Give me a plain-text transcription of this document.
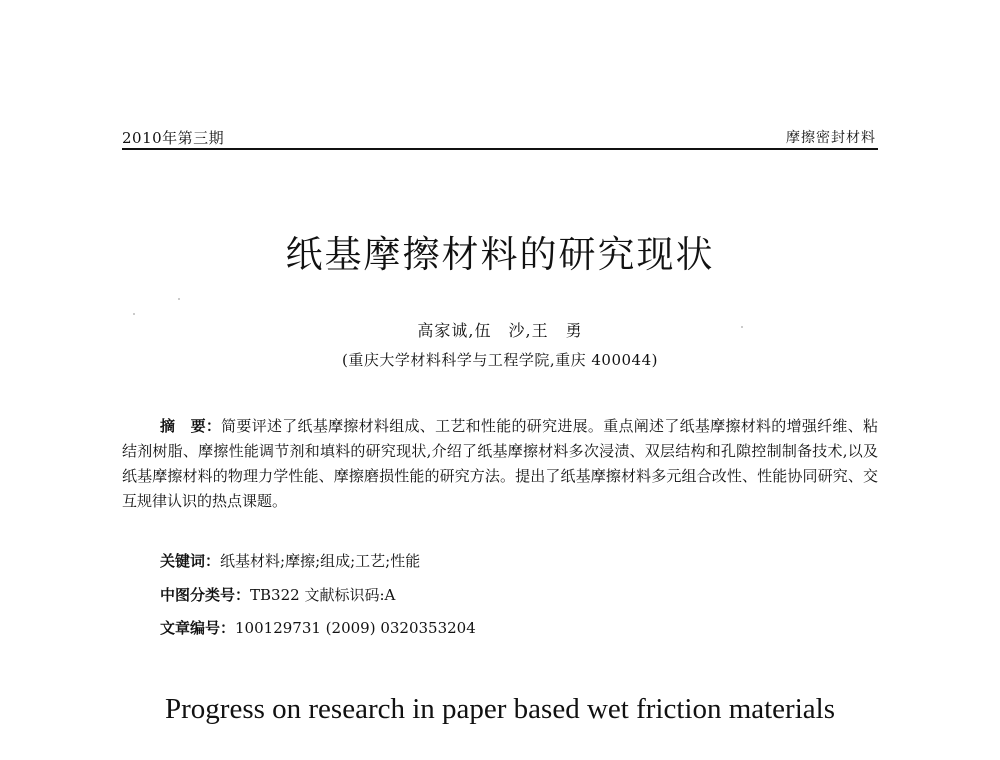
2010年第三期	摩擦密封材料
纸基摩擦材料的研究现状
高家诚,伍　沙,王　勇
(重庆大学材料科学与工程学院,重庆 400044)
摘　要：简要评述了纸基摩擦材料组成、工艺和性能的研究进展。重点阐述了纸基摩擦材料的增强纤维、粘结剂树脂、摩擦性能调节剂和填料的研究现状,介绍了纸基摩擦材料多次浸渍、双层结构和孔隙控制制备技术,以及纸基摩擦材料的物理力学性能、摩擦磨损性能的研究方法。提出了纸基摩擦材料多元组合改性、性能协同研究、交互规律认识的热点课题。
关键词：纸基材料;摩擦;组成;工艺;性能
中图分类号：TB322 文献标识码:A
文章编号：100129731 (2009) 0320353204
Progress on research in paper based wet friction materials
